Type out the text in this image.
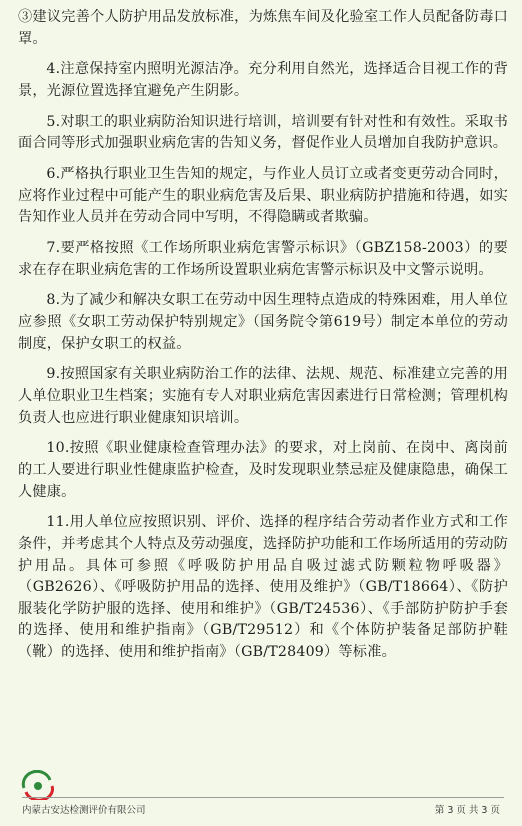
③建议完善个人防护用品发放标准，为炼焦车间及化验室工作人员配备防毒口罩。

4.注意保持室内照明光源洁净。充分利用自然光，选择适合目视工作的背景，光源位置选择宜避免产生阴影。

5.对职工的职业病防治知识进行培训，培训要有针对性和有效性。采取书面合同等形式加强职业病危害的告知义务，督促作业人员增加自我防护意识。

6.严格执行职业卫生告知的规定，与作业人员订立或者变更劳动合同时，应将作业过程中可能产生的职业病危害及后果、职业病防护措施和待遇，如实告知作业人员并在劳动合同中写明，不得隐瞒或者欺骗。

7.要严格按照《工作场所职业病危害警示标识》（GBZ158-2003）的要求在存在职业病危害的工作场所设置职业病危害警示标识及中文警示说明。

8.为了减少和解决女职工在劳动中因生理特点造成的特殊困难，用人单位应参照《女职工劳动保护特别规定》（国务院令第619号）制定本单位的劳动制度，保护女职工的权益。

9.按照国家有关职业病防治工作的法律、法规、规范、标准建立完善的用人单位职业卫生档案；实施有专人对职业病危害因素进行日常检测；管理机构负责人也应进行职业健康知识培训。

10.按照《职业健康检查管理办法》的要求，对上岗前、在岗中、离岗前的工人要进行职业性健康监护检查，及时发现职业禁忌症及健康隐患，确保工人健康。

11.用人单位应按照识别、评价、选择的程序结合劳动者作业方式和工作条件，并考虑其个人特点及劳动强度，选择防护功能和工作场所适用的劳动防护用品。具体可参照《呼吸防护用品自吸过滤式防颗粒物呼吸器》（GB2626）、《呼吸防护用品的选择、使用及维护》（GB/T18664）、《防护服装化学防护服的选择、使用和维护》（GB/T24536）、《手部防护防护手套的选择、使用和维护指南》（GB/T29512）和《个体防护装备足部防护鞋（靴）的选择、使用和维护指南》（GB/T28409）等标准。

内蒙古安达检测评价有限公司	第 3 页 共 3 页
